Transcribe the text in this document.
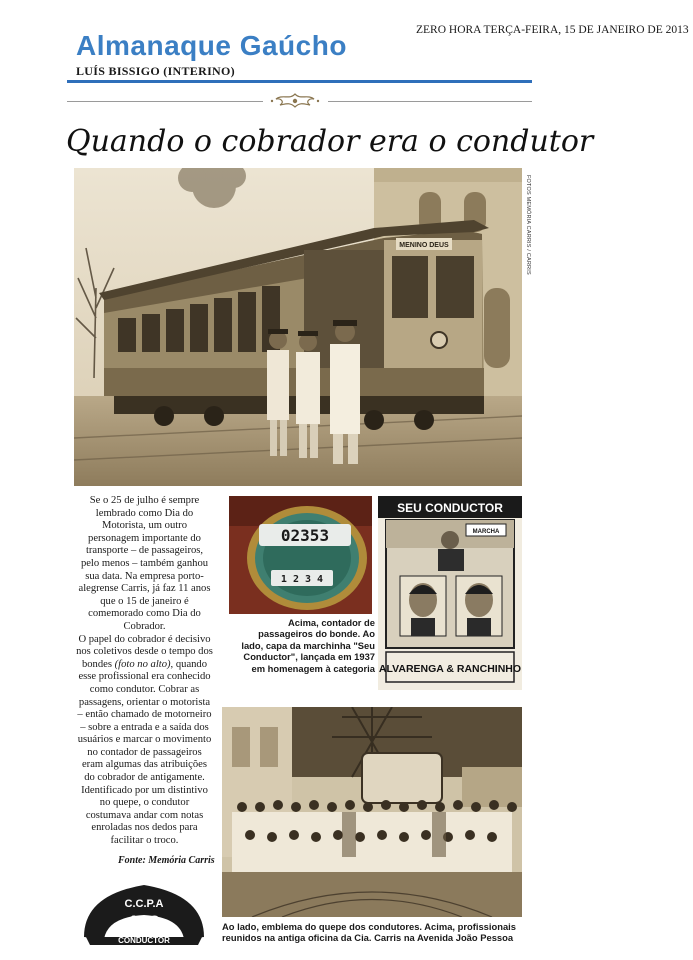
ZERO HORA TERÇA-FEIRA, 15 DE JANEIRO DE 2013
Almanaque Gaúcho
LUÍS BISSIGO (INTERINO)
Quando o cobrador era o condutor
MENINO DEUS	FOTOS MEMÓRIA CARRIS / CARRIS
02353
1 2 3 4
SEU CONDUCTOR
MARCHA
ALVARENGA & RANCHINHO
Acima, contador de passageiros do bonde. Ao lado, capa da marchinha "Seu Conductor", lançada em 1937 em homenagem à categoria
C.C.P.A
182
CONDUCTOR
Ao lado, emblema do quepe dos condutores. Acima, profissionais reunidos na antiga oficina da Cia. Carris na Avenida João Pessoa

Se o 25 de julho é sempre lembrado como Dia do Motorista, um outro personagem importante do transporte – de passageiros, pelo menos – também ganhou sua data. Na empresa porto-alegrense Carris, já faz 11 anos que o 15 de janeiro é comemorado como Dia do Cobrador.

O papel do cobrador é decisivo nos coletivos desde o tempo dos bondes (foto no alto), quando esse profissional era conhecido como condutor. Cobrar as passagens, orientar o motorista – então chamado de motorneiro – sobre a entrada e a saída dos usuários e marcar o movimento no contador de passageiros eram algumas das atribuições do cobrador de antigamente. Identificado por um distintivo no quepe, o condutor costumava andar com notas enroladas nos dedos para facilitar o troco.

Fonte: Memória Carris
